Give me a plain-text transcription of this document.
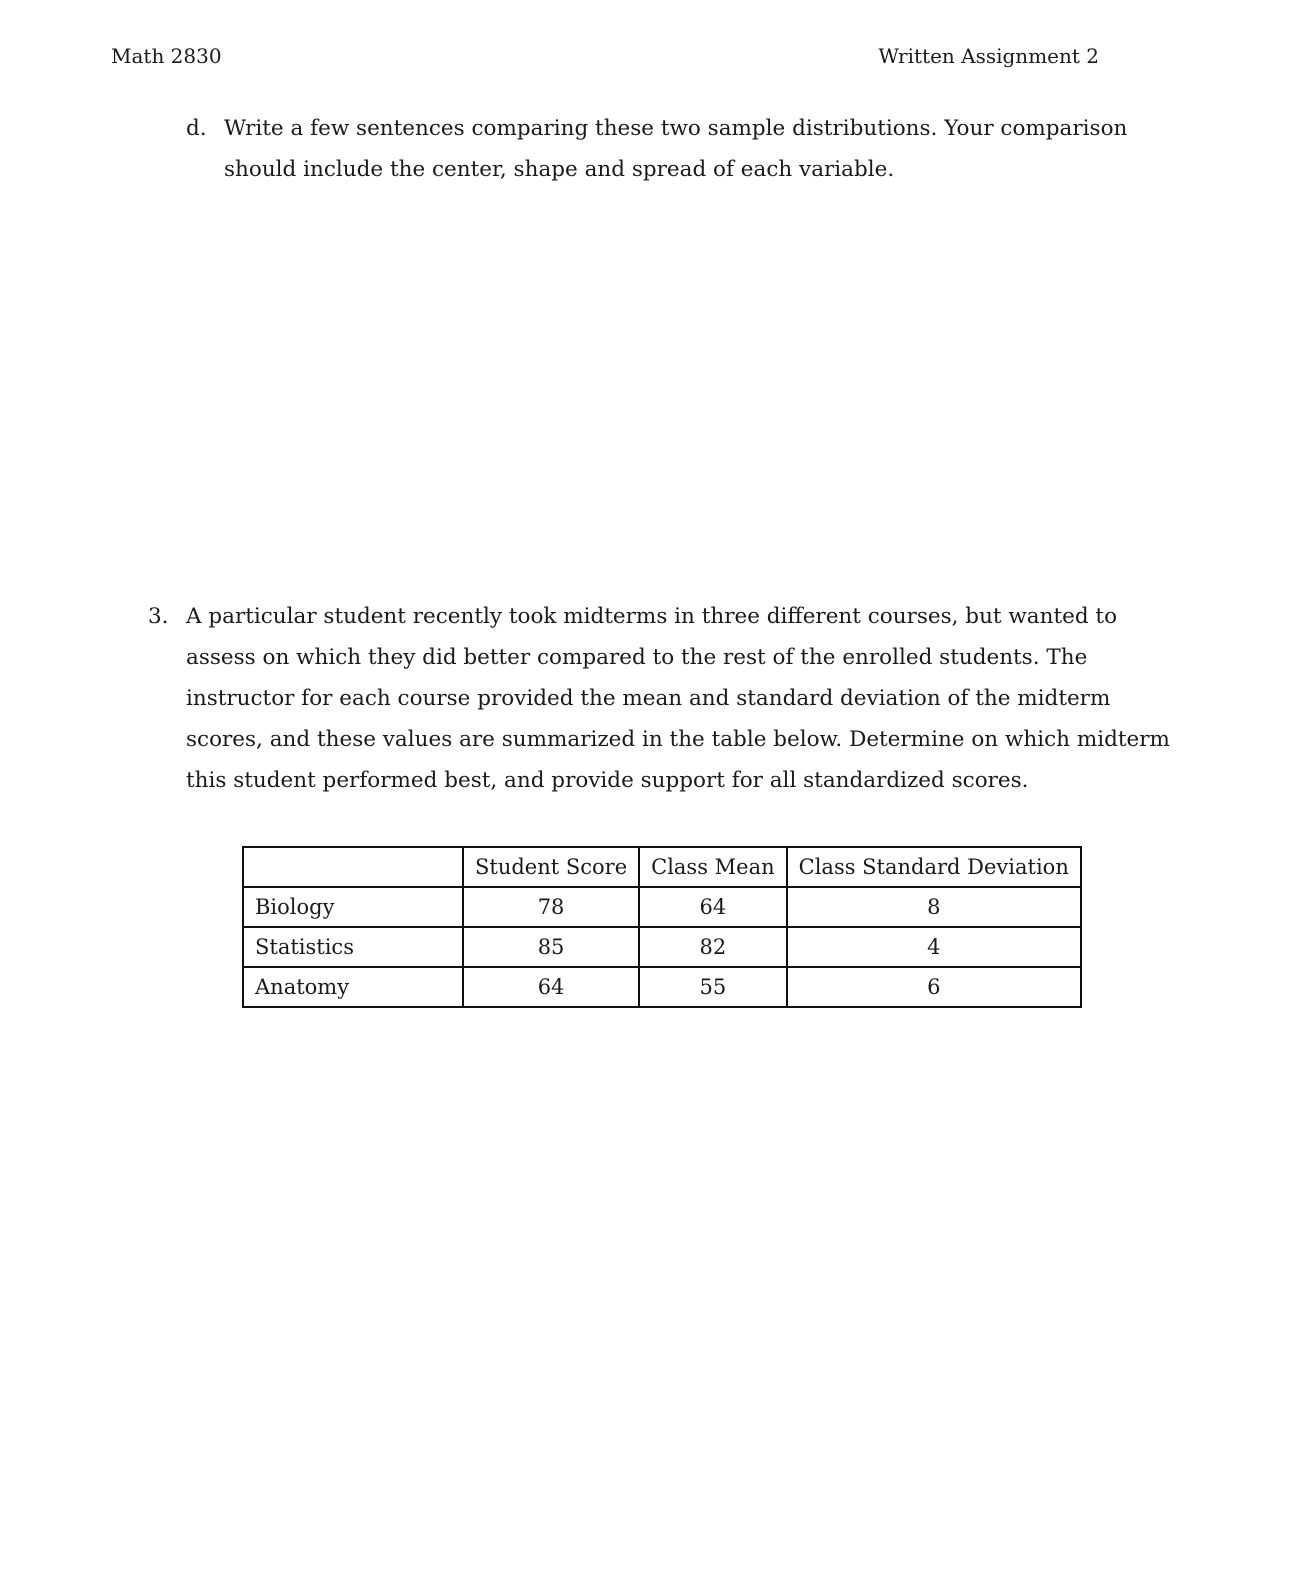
Math 2830	Written Assignment 2
d. Write a few sentences comparing these two sample distributions. Your comparison should include the center, shape and spread of each variable.
3. A particular student recently took midterms in three different courses, but wanted to assess on which they did better compared to the rest of the enrolled students. The instructor for each course provided the mean and standard deviation of the midterm scores, and these values are summarized in the table below. Determine on which midterm this student performed best, and provide support for all standardized scores.
	Student Score	Class Mean	Class Standard Deviation
Biology	78	64	8
Statistics	85	82	4
Anatomy	64	55	6
